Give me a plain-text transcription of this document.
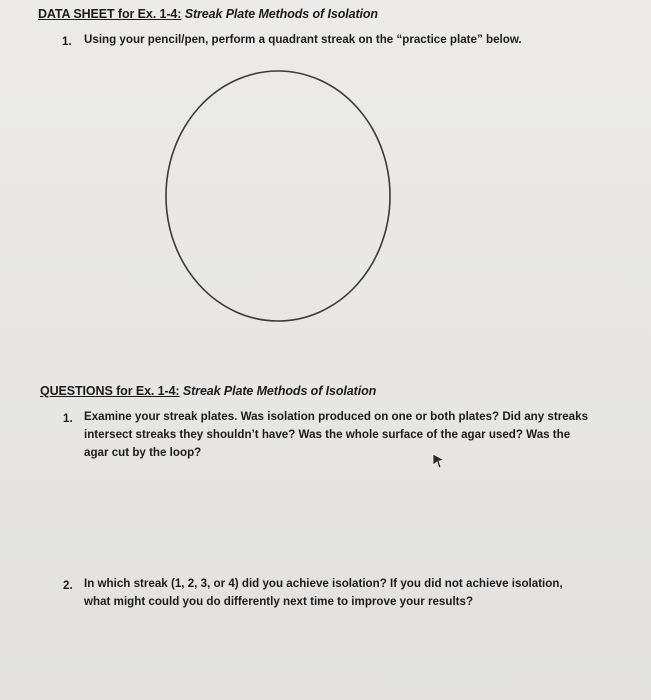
DATA SHEET for Ex. 1-4: Streak Plate Methods of Isolation
1. Using your pencil/pen, perform a quadrant streak on the “practice plate” below.
QUESTIONS for Ex. 1-4: Streak Plate Methods of Isolation
1. Examine your streak plates. Was isolation produced on one or both plates? Did any streaks intersect streaks they shouldn’t have? Was the whole surface of the agar used? Was the agar cut by the loop?
2. In which streak (1, 2, 3, or 4) did you achieve isolation? If you did not achieve isolation, what might could you do differently next time to improve your results?
